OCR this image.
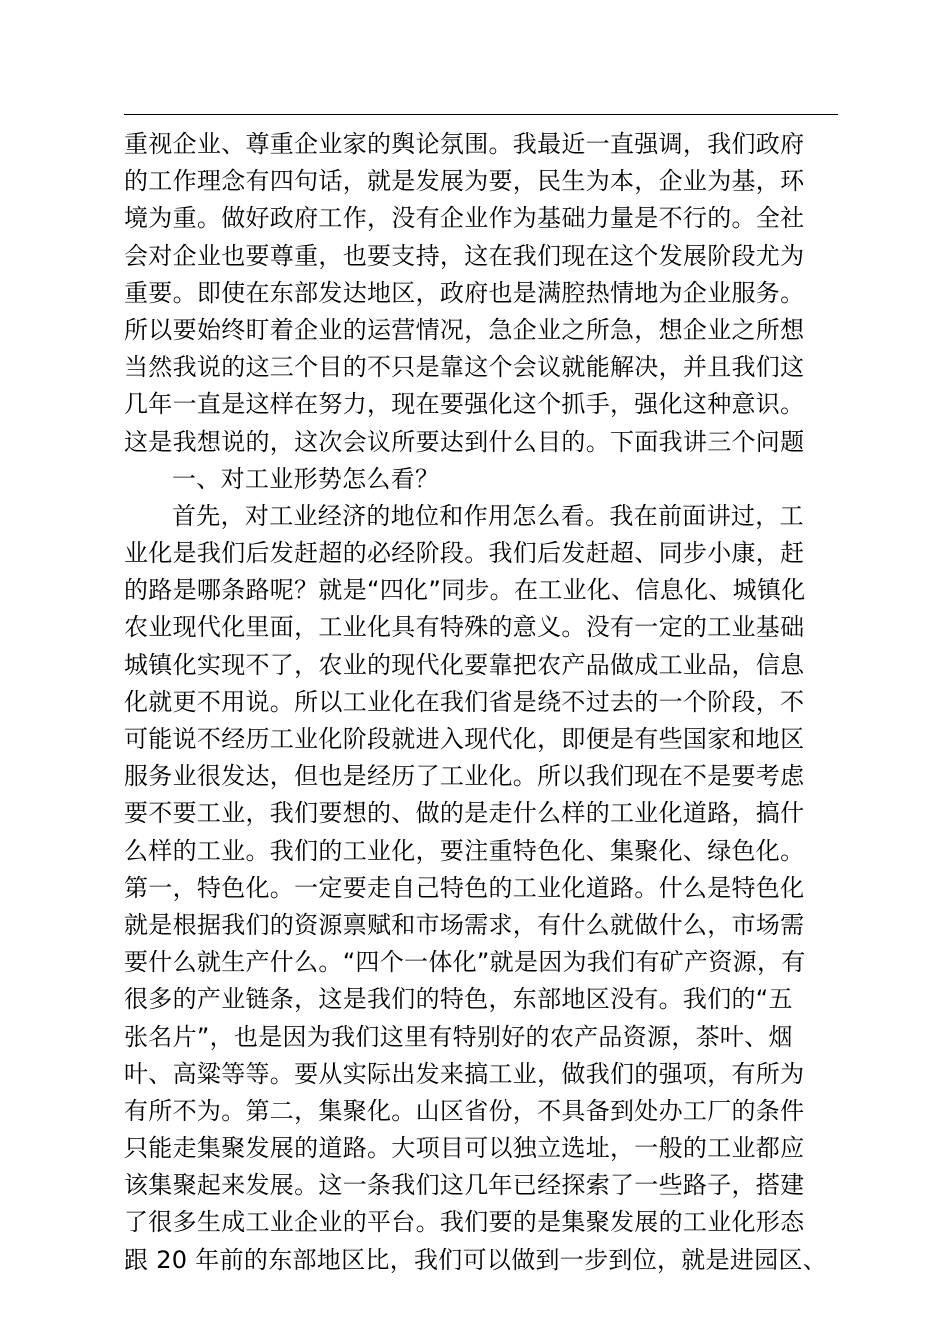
重视企业、尊重企业家的舆论氛围。我最近一直强调，我们政府
的工作理念有四句话，就是发展为要，民生为本，企业为基，环
境为重。做好政府工作，没有企业作为基础力量是不行的。全社
会对企业也要尊重，也要支持，这在我们现在这个发展阶段尤为
重要。即使在东部发达地区，政府也是满腔热情地为企业服务。
所以要始终盯着企业的运营情况，急企业之所急，想企业之所想
当然我说的这三个目的不只是靠这个会议就能解决，并且我们这
几年一直是这样在努力，现在要强化这个抓手，强化这种意识。
这是我想说的，这次会议所要达到什么目的。下面我讲三个问题
一、对工业形势怎么看？
首先，对工业经济的地位和作用怎么看。我在前面讲过，工
业化是我们后发赶超的必经阶段。我们后发赶超、同步小康，赶
的路是哪条路呢？就是“四化”同步。在工业化、信息化、城镇化
农业现代化里面，工业化具有特殊的意义。没有一定的工业基础
城镇化实现不了，农业的现代化要靠把农产品做成工业品，信息
化就更不用说。所以工业化在我们省是绕不过去的一个阶段，不
可能说不经历工业化阶段就进入现代化，即便是有些国家和地区
服务业很发达，但也是经历了工业化。所以我们现在不是要考虑
要不要工业，我们要想的、做的是走什么样的工业化道路，搞什
么样的工业。我们的工业化，要注重特色化、集聚化、绿色化。
第一，特色化。一定要走自己特色的工业化道路。什么是特色化
就是根据我们的资源禀赋和市场需求，有什么就做什么，市场需
要什么就生产什么。“四个一体化”就是因为我们有矿产资源，有
很多的产业链条，这是我们的特色，东部地区没有。我们的“五
张名片”，也是因为我们这里有特别好的农产品资源，茶叶、烟
叶、高粱等等。要从实际出发来搞工业，做我们的强项，有所为
有所不为。第二，集聚化。山区省份，不具备到处办工厂的条件
只能走集聚发展的道路。大项目可以独立选址，一般的工业都应
该集聚起来发展。这一条我们这几年已经探索了一些路子，搭建
了很多生成工业企业的平台。我们要的是集聚发展的工业化形态
跟 20 年前的东部地区比，我们可以做到一步到位，就是进园区、
